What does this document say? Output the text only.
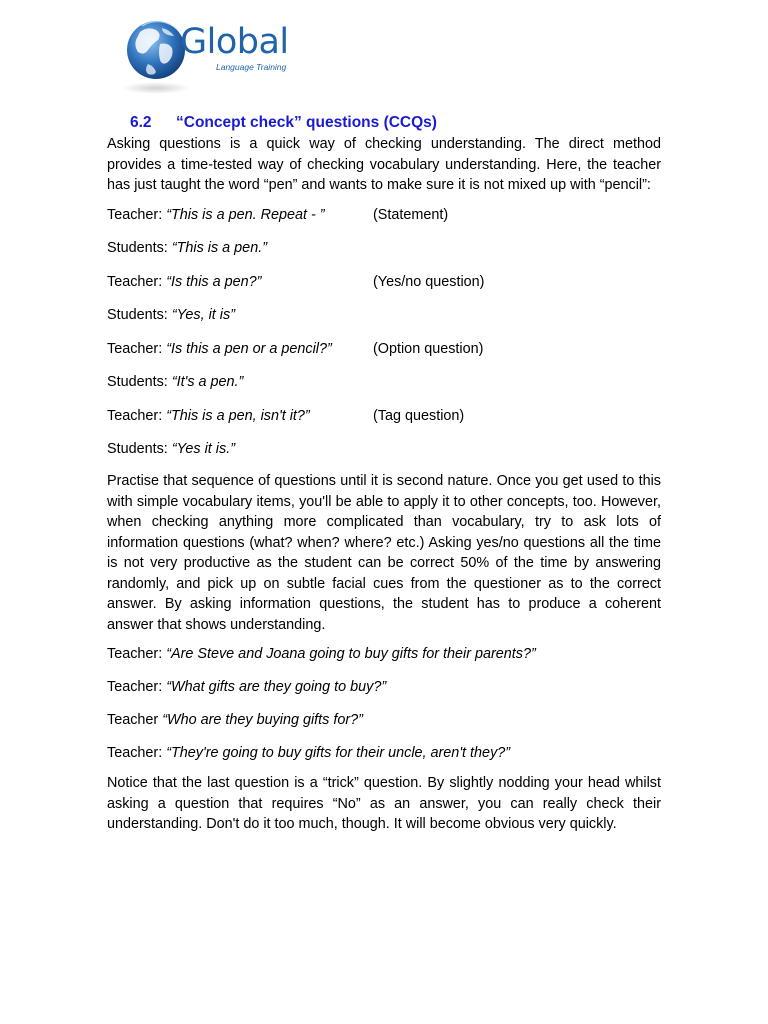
Global
Language Training
6.2 “Concept check” questions (CCQs)

Asking questions is a quick way of checking understanding. The direct method provides a time-tested way of checking vocabulary understanding. Here, the teacher has just taught the word “pen” and wants to make sure it is not mixed up with “pencil”:

Teacher: “This is a pen. Repeat - ”	(Statement)
Students: “This is a pen.”
Teacher: “Is this a pen?”	(Yes/no question)
Students: “Yes, it is”
Teacher: “Is this a pen or a pencil?”	(Option question)
Students: “It's a pen.”
Teacher: “This is a pen, isn't it?”	(Tag question)
Students: “Yes it is.”

Practise that sequence of questions until it is second nature. Once you get used to this with simple vocabulary items, you'll be able to apply it to other concepts, too. However, when checking anything more complicated than vocabulary, try to ask lots of information questions (what? when? where? etc.) Asking yes/no questions all the time is not very productive as the student can be correct 50% of the time by answering randomly, and pick up on subtle facial cues from the questioner as to the correct answer. By asking information questions, the student has to produce a coherent answer that shows understanding.

Teacher: “Are Steve and Joana going to buy gifts for their parents?”
Teacher: “What gifts are they going to buy?”
Teacher “Who are they buying gifts for?”
Teacher: “They're going to buy gifts for their uncle, aren't they?”

Notice that the last question is a “trick” question. By slightly nodding your head whilst asking a question that requires “No” as an answer, you can really check their understanding. Don't do it too much, though. It will become obvious very quickly.
